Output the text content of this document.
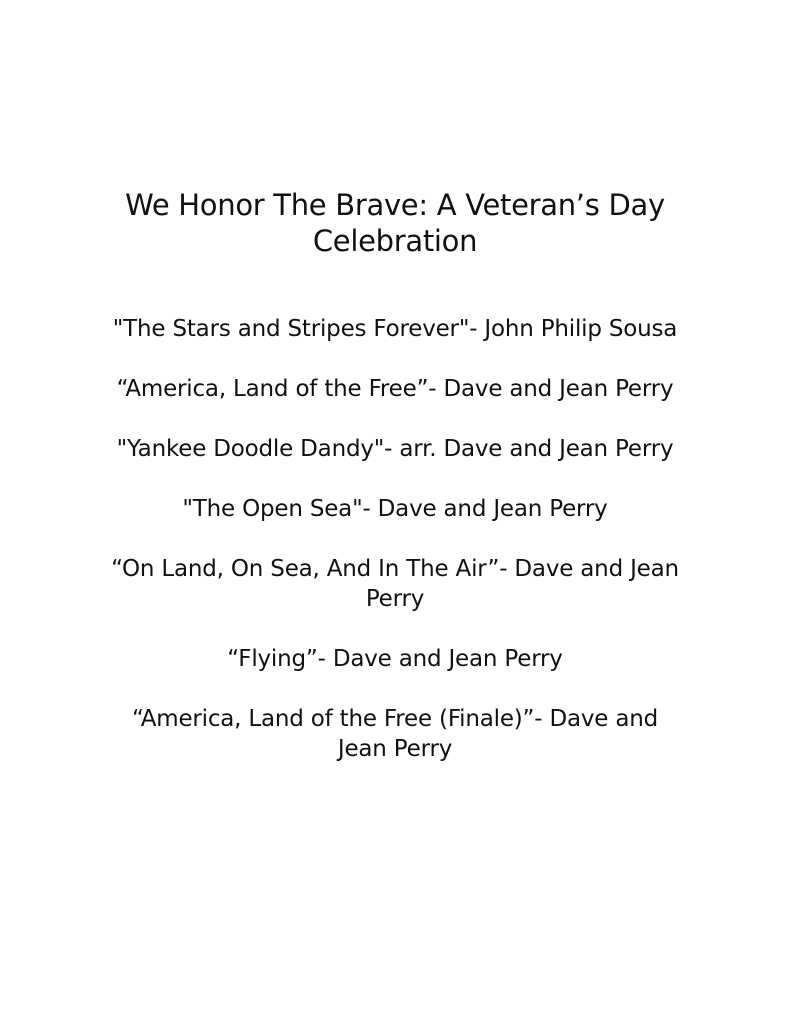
We Honor The Brave: A Veteran’s Day Celebration
"The Stars and Stripes Forever"- John Philip Sousa
“America, Land of the Free”- Dave and Jean Perry
"Yankee Doodle Dandy"- arr. Dave and Jean Perry
"The Open Sea"- Dave and Jean Perry
“On Land, On Sea, And In The Air”- Dave and Jean Perry
“Flying”- Dave and Jean Perry
“America, Land of the Free (Finale)”- Dave and Jean Perry
